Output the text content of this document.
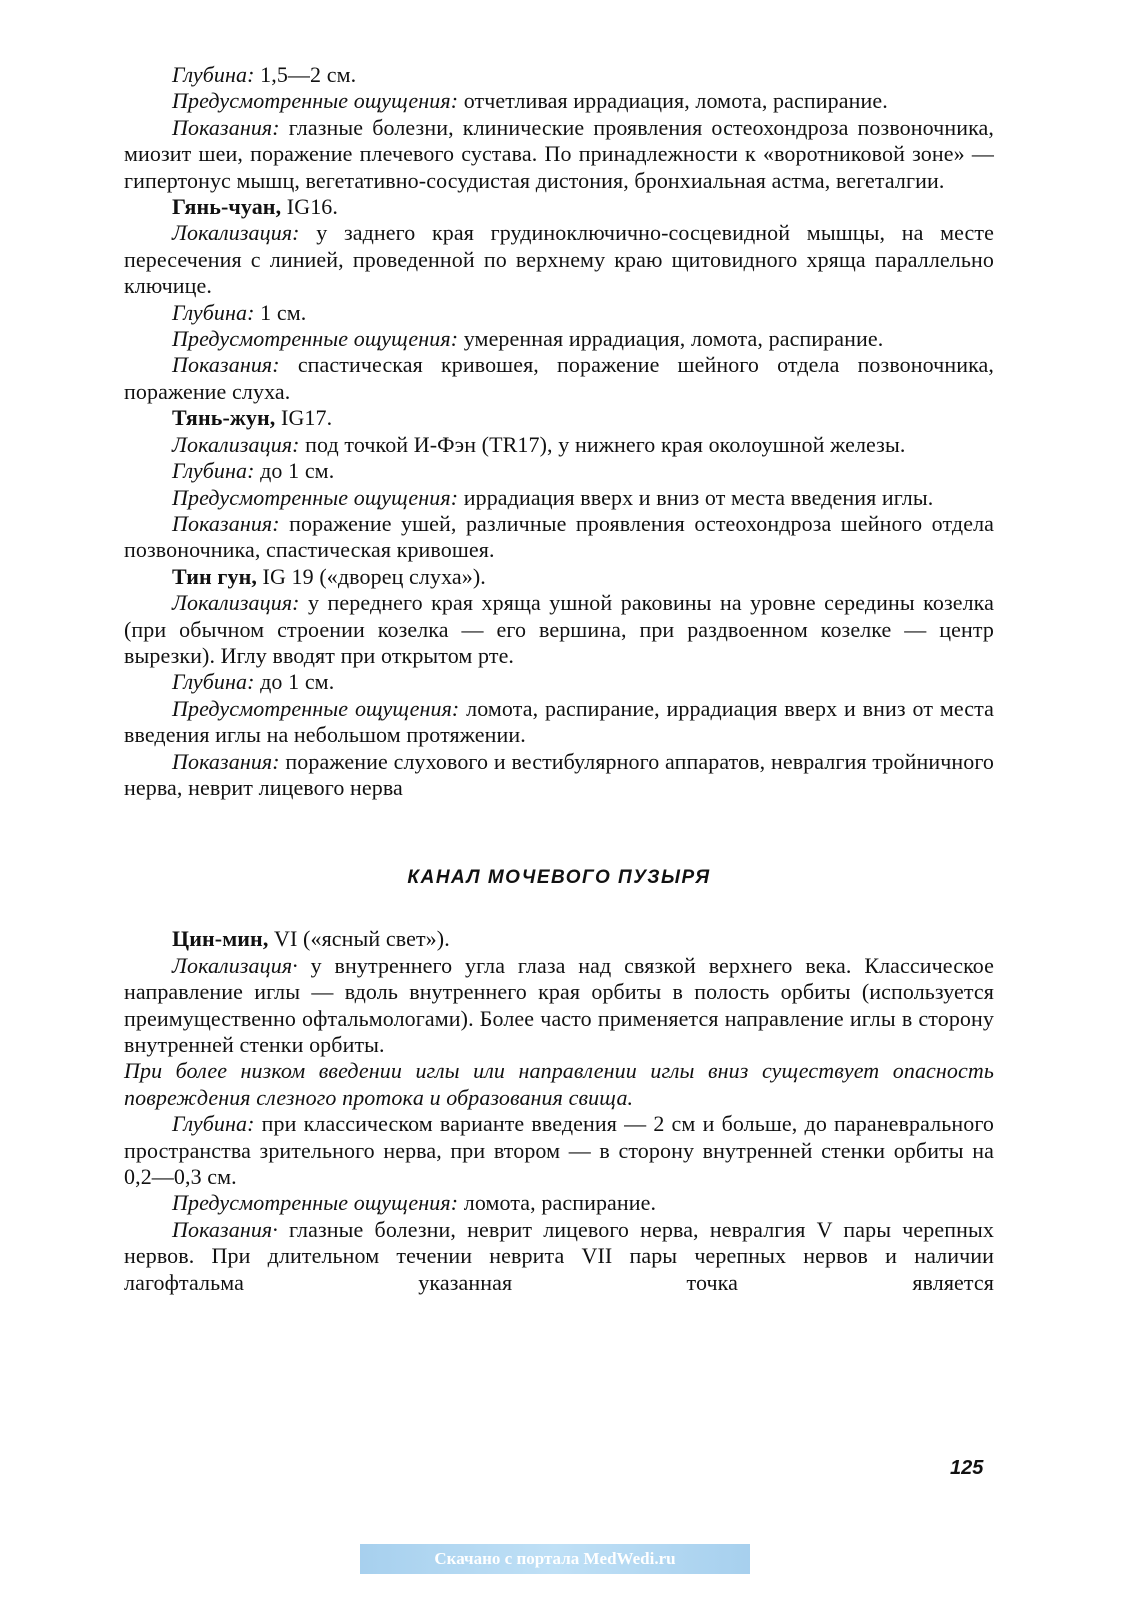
Глубина: 1,5—2 см.

Предусмотренные ощущения: отчетливая иррадиация, ломота, распирание.

Показания: глазные болезни, клинические проявления остеохондроза позвоночника, миозит шеи, поражение плечевого сустава. По принадлежности к «воротниковой зоне» — гипертонус мышц, вегетативно-сосудистая дистония, бронхиальная астма, вегеталгии.

Гянь-чуан, IG16.

Локализация: у заднего края грудиноключично-сосцевидной мышцы, на месте пересечения с линией, проведенной по верхнему краю щитовидного хряща параллельно ключице.

Глубина: 1 см.

Предусмотренные ощущения: умеренная иррадиация, ломота, распирание.

Показания: спастическая кривошея, поражение шейного отдела позвоночника, поражение слуха.

Тянь-жун, IG17.

Локализация: под точкой И-Фэн (TR17), у нижнего края околоушной железы.

Глубина: до 1 см.

Предусмотренные ощущения: иррадиация вверх и вниз от места введения иглы.

Показания: поражение ушей, различные проявления остеохондроза шейного отдела позвоночника, спастическая кривошея.

Тин гун, IG 19 («дворец слуха»).

Локализация: у переднего края хряща ушной раковины на уровне середины козелка (при обычном строении козелка — его вершина, при раздвоенном козелке — центр вырезки). Иглу вводят при открытом рте.

Глубина: до 1 см.

Предусмотренные ощущения: ломота, распирание, иррадиация вверх и вниз от места введения иглы на небольшом протяжении.

Показания: поражение слухового и вестибулярного аппаратов, невралгия тройничного нерва, неврит лицевого нерва

КАНАЛ МОЧЕВОГО ПУЗЫРЯ

Цин-мин, VI («ясный свет»).

Локализация· у внутреннего угла глаза над связкой верхнего века. Классическое направление иглы — вдоль внутреннего края орбиты в полость орбиты (используется преимущественно офтальмологами). Более часто применяется направление иглы в сторону внутренней стенки орбиты.

При более низком введении иглы или направлении иглы вниз существует опасность повреждения слезного протокa и образования свища.

Глубина: при классическом варианте введения — 2 см и больше, до параневрального пространства зрительного нерва, при втором — в сторону внутренней стенки орбиты на 0,2—0,3 см.

Предусмотренные ощущения: ломота, распирание.

Показания· глазные болезни, неврит лицевого нерва, невралгия V пары черепных нервов. При длительном течении неврита VII пары черепных нервов и наличии лагофтальма указанная точка является

125
Скачано с портала MedWedi.ru
